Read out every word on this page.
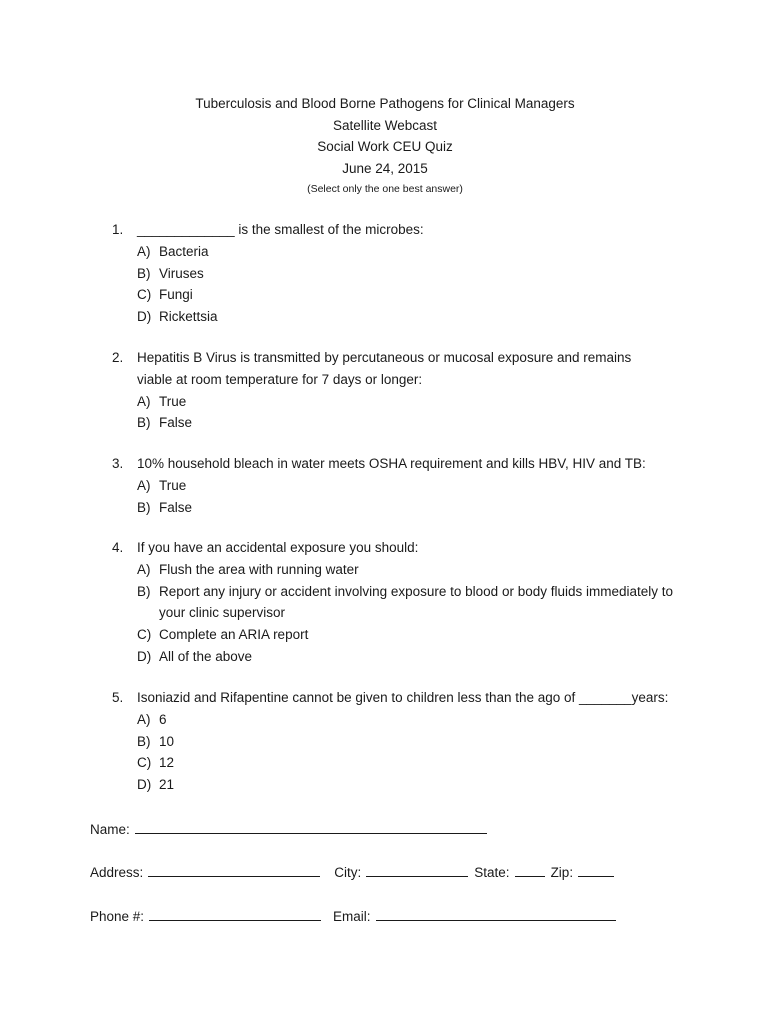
Tuberculosis and Blood Borne Pathogens for Clinical Managers
Satellite Webcast
Social Work CEU Quiz
June 24, 2015
(Select only the one best answer)
1.	_____________ is the smallest of the microbes:
A) Bacteria
B) Viruses
C) Fungi
D) Rickettsia
2.	Hepatitis B Virus is transmitted by percutaneous or mucosal exposure and remains viable at room temperature for 7 days or longer:
A) True
B) False
3.	10% household bleach in water meets OSHA requirement and kills HBV, HIV and TB:
A) True
B) False
4.	If you have an accidental exposure you should:
A) Flush the area with running water
B) Report any injury or accident involving exposure to blood or body fluids immediately to your clinic supervisor
C) Complete an ARIA report
D) All of the above
5.	Isoniazid and Rifapentine cannot be given to children less than the ago of _______years:
A) 6
B) 10
C) 12
D) 21
Name:
Address:	City:	State:	Zip:
Phone #:	Email:
